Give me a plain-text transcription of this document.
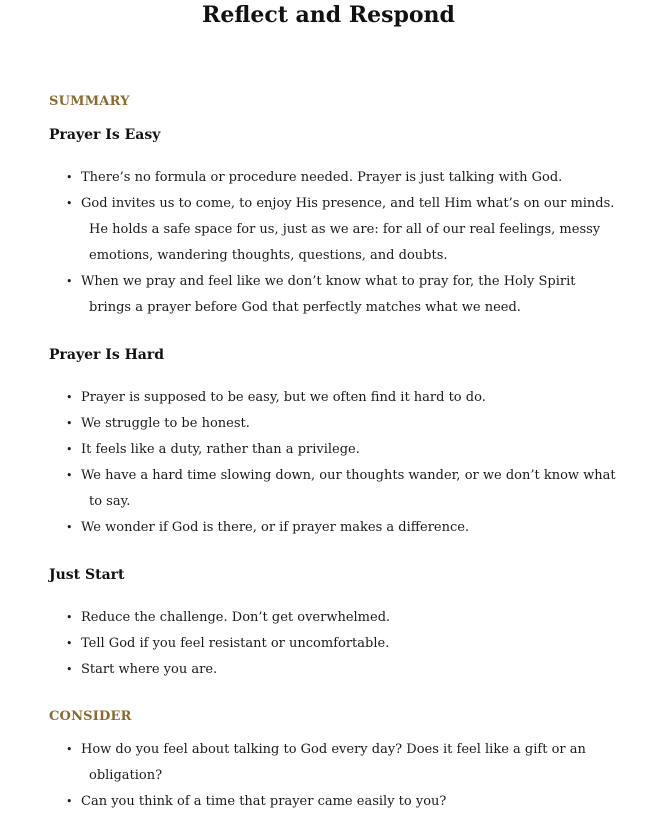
Reflect and Respond
SUMMARY
Prayer Is Easy
• There’s no formula or procedure needed. Prayer is just talking with God.
• God invites us to come, to enjoy His presence, and tell Him what’s on our minds. He holds a safe space for us, just as we are: for all of our real feelings, messy emotions, wandering thoughts, questions, and doubts.
• When we pray and feel like we don’t know what to pray for, the Holy Spirit brings a prayer before God that perfectly matches what we need.
Prayer Is Hard
• Prayer is supposed to be easy, but we often find it hard to do.
• We struggle to be honest.
• It feels like a duty, rather than a privilege.
• We have a hard time slowing down, our thoughts wander, or we don’t know what to say.
• We wonder if God is there, or if prayer makes a difference.
Just Start
• Reduce the challenge. Don’t get overwhelmed.
• Tell God if you feel resistant or uncomfortable.
• Start where you are.
CONSIDER
• How do you feel about talking to God every day? Does it feel like a gift or an obligation?
• Can you think of a time that prayer came easily to you?
